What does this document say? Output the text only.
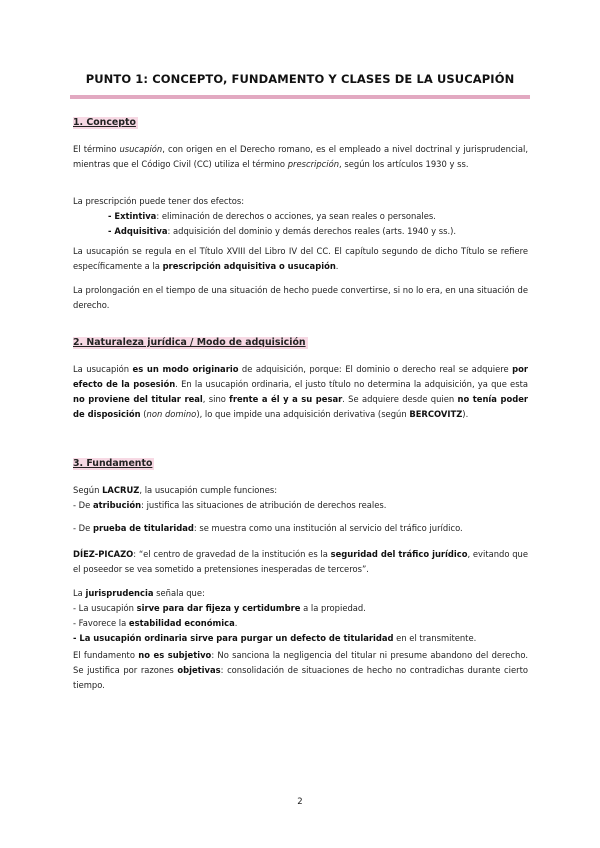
PUNTO 1: CONCEPTO, FUNDAMENTO Y CLASES DE LA USUCAPIÓN
1. Concepto
El término usucapión, con origen en el Derecho romano, es el empleado a nivel doctrinal y jurisprudencial, mientras que el Código Civil (CC) utiliza el término prescripción, según los artículos 1930 y ss.
La prescripción puede tener dos efectos:
- Extintiva: eliminación de derechos o acciones, ya sean reales o personales.
- Adquisitiva: adquisición del dominio y demás derechos reales (arts. 1940 y ss.).
La usucapión se regula en el Título XVIII del Libro IV del CC. El capítulo segundo de dicho Título se refiere específicamente a la prescripción adquisitiva o usucapión.
La prolongación en el tiempo de una situación de hecho puede convertirse, si no lo era, en una situación de derecho.
2. Naturaleza jurídica / Modo de adquisición
La usucapión es un modo originario de adquisición, porque: El dominio o derecho real se adquiere por efecto de la posesión. En la usucapión ordinaria, el justo título no determina la adquisición, ya que esta no proviene del titular real, sino frente a él y a su pesar. Se adquiere desde quien no tenía poder de disposición (non domino), lo que impide una adquisición derivativa (según BERCOVITZ).
3. Fundamento
Según LACRUZ, la usucapión cumple funciones:
- De atribución: justifica las situaciones de atribución de derechos reales.
- De prueba de titularidad: se muestra como una institución al servicio del tráfico jurídico.
DÍEZ-PICAZO: “el centro de gravedad de la institución es la seguridad del tráfico jurídico, evitando que el poseedor se vea sometido a pretensiones inesperadas de terceros”.
La jurisprudencia señala que:
- La usucapión sirve para dar fijeza y certidumbre a la propiedad.
- Favorece la estabilidad económica.
- La usucapión ordinaria sirve para purgar un defecto de titularidad en el transmitente.
El fundamento no es subjetivo: No sanciona la negligencia del titular ni presume abandono del derecho. Se justifica por razones objetivas: consolidación de situaciones de hecho no contradichas durante cierto tiempo.
2
